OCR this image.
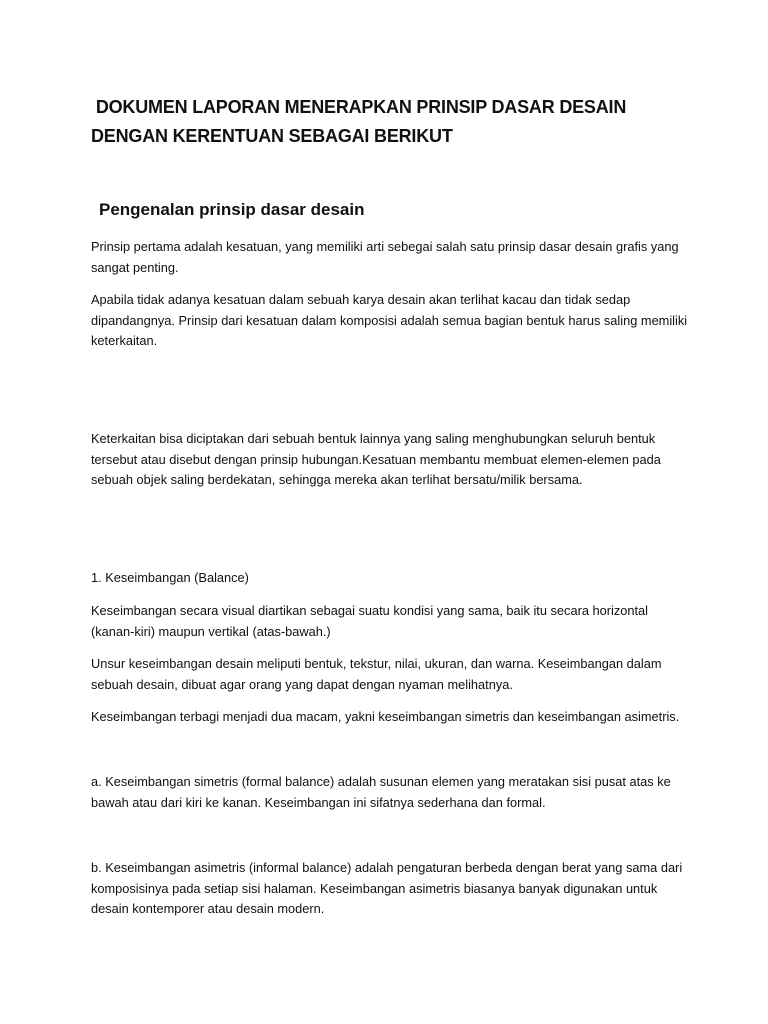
DOKUMEN LAPORAN MENERAPKAN PRINSIP DASAR DESAIN DENGAN KERENTUAN SEBAGAI BERIKUT
Pengenalan prinsip dasar desain

Prinsip pertama adalah kesatuan, yang memiliki arti sebegai salah satu prinsip dasar desain grafis yang sangat penting.

Apabila tidak adanya kesatuan dalam sebuah karya desain akan terlihat kacau dan tidak sedap dipandangnya. Prinsip dari kesatuan dalam komposisi adalah semua bagian bentuk harus saling memiliki keterkaitan.

Keterkaitan bisa diciptakan dari sebuah bentuk lainnya yang saling menghubungkan seluruh bentuk tersebut atau disebut dengan prinsip hubungan.Kesatuan membantu membuat elemen-elemen pada sebuah objek saling berdekatan, sehingga mereka akan terlihat bersatu/milik bersama.

1. Keseimbangan (Balance)

Keseimbangan secara visual diartikan sebagai suatu kondisi yang sama, baik itu secara horizontal (kanan-kiri) maupun vertikal (atas-bawah.)

Unsur keseimbangan desain meliputi bentuk, tekstur, nilai, ukuran, dan warna. Keseimbangan dalam sebuah desain, dibuat agar orang yang dapat dengan nyaman melihatnya.

Keseimbangan terbagi menjadi dua macam, yakni keseimbangan simetris dan keseimbangan asimetris.

a. Keseimbangan simetris (formal balance) adalah susunan elemen yang meratakan sisi pusat atas ke bawah atau dari kiri ke kanan. Keseimbangan ini sifatnya sederhana dan formal.

b. Keseimbangan asimetris (informal balance) adalah pengaturan berbeda dengan berat yang sama dari komposisinya pada setiap sisi halaman. Keseimbangan asimetris biasanya banyak digunakan untuk desain kontemporer atau desain modern.
